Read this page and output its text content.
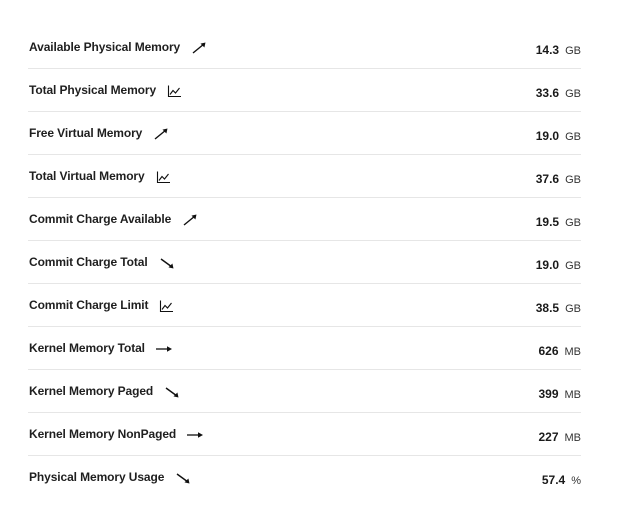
Available Physical Memory	14.3 GB
Total Physical Memory	33.6 GB
Free Virtual Memory	19.0 GB
Total Virtual Memory	37.6 GB
Commit Charge Available	19.5 GB
Commit Charge Total	19.0 GB
Commit Charge Limit	38.5 GB
Kernel Memory Total	626 MB
Kernel Memory Paged	399 MB
Kernel Memory NonPaged	227 MB
Physical Memory Usage	57.4 %
